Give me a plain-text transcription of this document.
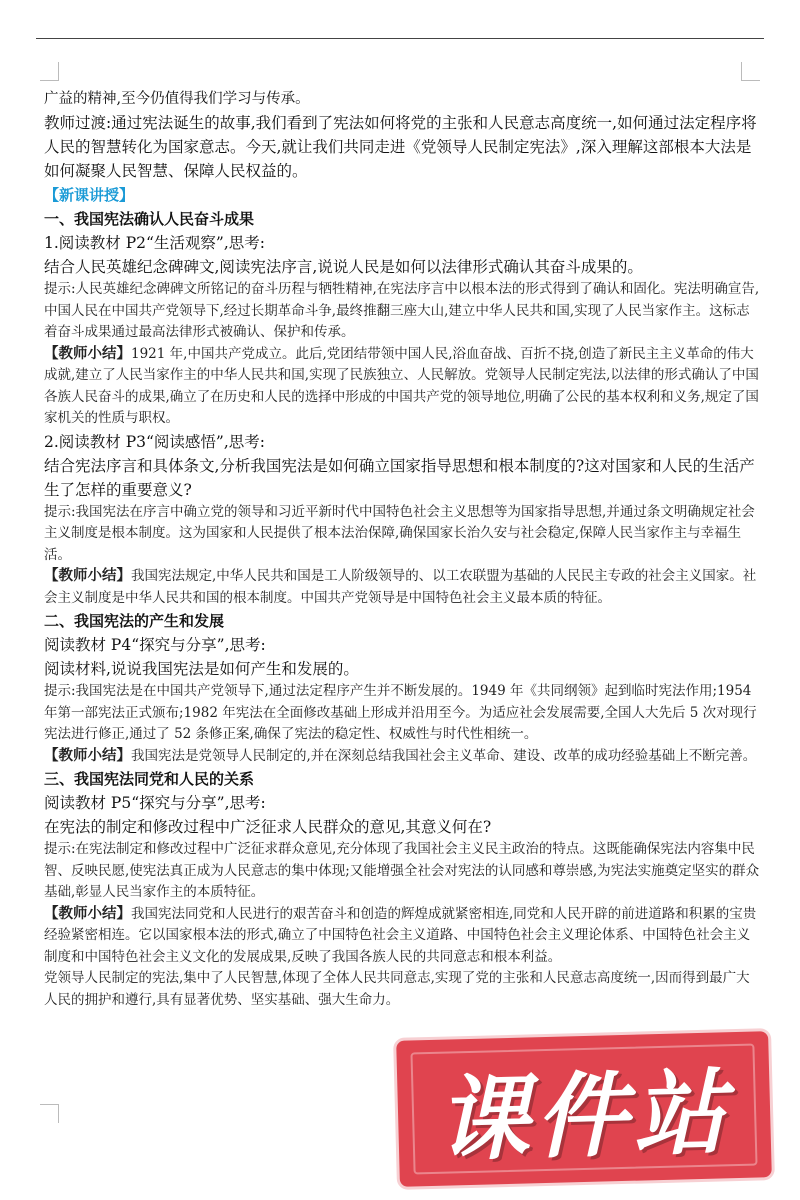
广益的精神,至今仍值得我们学习与传承。

教师过渡:通过宪法诞生的故事,我们看到了宪法如何将党的主张和人民意志高度统一,如何通过法定程序将人民的智慧转化为国家意志。今天,就让我们共同走进《党领导人民制定宪法》,深入理解这部根本大法是如何凝聚人民智慧、保障人民权益的。

【新课讲授】

一、我国宪法确认人民奋斗成果

1.阅读教材 P2“生活观察”,思考:

结合人民英雄纪念碑碑文,阅读宪法序言,说说人民是如何以法律形式确认其奋斗成果的。

提示:人民英雄纪念碑碑文所铭记的奋斗历程与牺牲精神,在宪法序言中以根本法的形式得到了确认和固化。宪法明确宣告,中国人民在中国共产党领导下,经过长期革命斗争,最终推翻三座大山,建立中华人民共和国,实现了人民当家作主。这标志着奋斗成果通过最高法律形式被确认、保护和传承。

【教师小结】1921 年,中国共产党成立。此后,党团结带领中国人民,浴血奋战、百折不挠,创造了新民主主义革命的伟大成就,建立了人民当家作主的中华人民共和国,实现了民族独立、人民解放。党领导人民制定宪法,以法律的形式确认了中国各族人民奋斗的成果,确立了在历史和人民的选择中形成的中国共产党的领导地位,明确了公民的基本权利和义务,规定了国家机关的性质与职权。

2.阅读教材 P3“阅读感悟”,思考:

结合宪法序言和具体条文,分析我国宪法是如何确立国家指导思想和根本制度的?这对国家和人民的生活产生了怎样的重要意义?

提示:我国宪法在序言中确立党的领导和习近平新时代中国特色社会主义思想等为国家指导思想,并通过条文明确规定社会主义制度是根本制度。这为国家和人民提供了根本法治保障,确保国家长治久安与社会稳定,保障人民当家作主与幸福生活。

【教师小结】我国宪法规定,中华人民共和国是工人阶级领导的、以工农联盟为基础的人民民主专政的社会主义国家。社会主义制度是中华人民共和国的根本制度。中国共产党领导是中国特色社会主义最本质的特征。

二、我国宪法的产生和发展

阅读教材 P4“探究与分享”,思考:

阅读材料,说说我国宪法是如何产生和发展的。

提示:我国宪法是在中国共产党领导下,通过法定程序产生并不断发展的。1949 年《共同纲领》起到临时宪法作用;1954 年第一部宪法正式颁布;1982 年宪法在全面修改基础上形成并沿用至今。为适应社会发展需要,全国人大先后 5 次对现行宪法进行修正,通过了 52 条修正案,确保了宪法的稳定性、权威性与时代性相统一。

【教师小结】我国宪法是党领导人民制定的,并在深刻总结我国社会主义革命、建设、改革的成功经验基础上不断完善。

三、我国宪法同党和人民的关系

阅读教材 P5“探究与分享”,思考:

在宪法的制定和修改过程中广泛征求人民群众的意见,其意义何在?

提示:在宪法制定和修改过程中广泛征求群众意见,充分体现了我国社会主义民主政治的特点。这既能确保宪法内容集中民智、反映民愿,使宪法真正成为人民意志的集中体现;又能增强全社会对宪法的认同感和尊崇感,为宪法实施奠定坚实的群众基础,彰显人民当家作主的本质特征。

【教师小结】我国宪法同党和人民进行的艰苦奋斗和创造的辉煌成就紧密相连,同党和人民开辟的前进道路和积累的宝贵经验紧密相连。它以国家根本法的形式,确立了中国特色社会主义道路、中国特色社会主义理论体系、中国特色社会主义制度和中国特色社会主义文化的发展成果,反映了我国各族人民的共同意志和根本利益。

党领导人民制定的宪法,集中了人民智慧,体现了全体人民共同意志,实现了党的主张和人民意志高度统一,因而得到最广大人民的拥护和遵行,具有显著优势、坚实基础、强大生命力。

课件站
